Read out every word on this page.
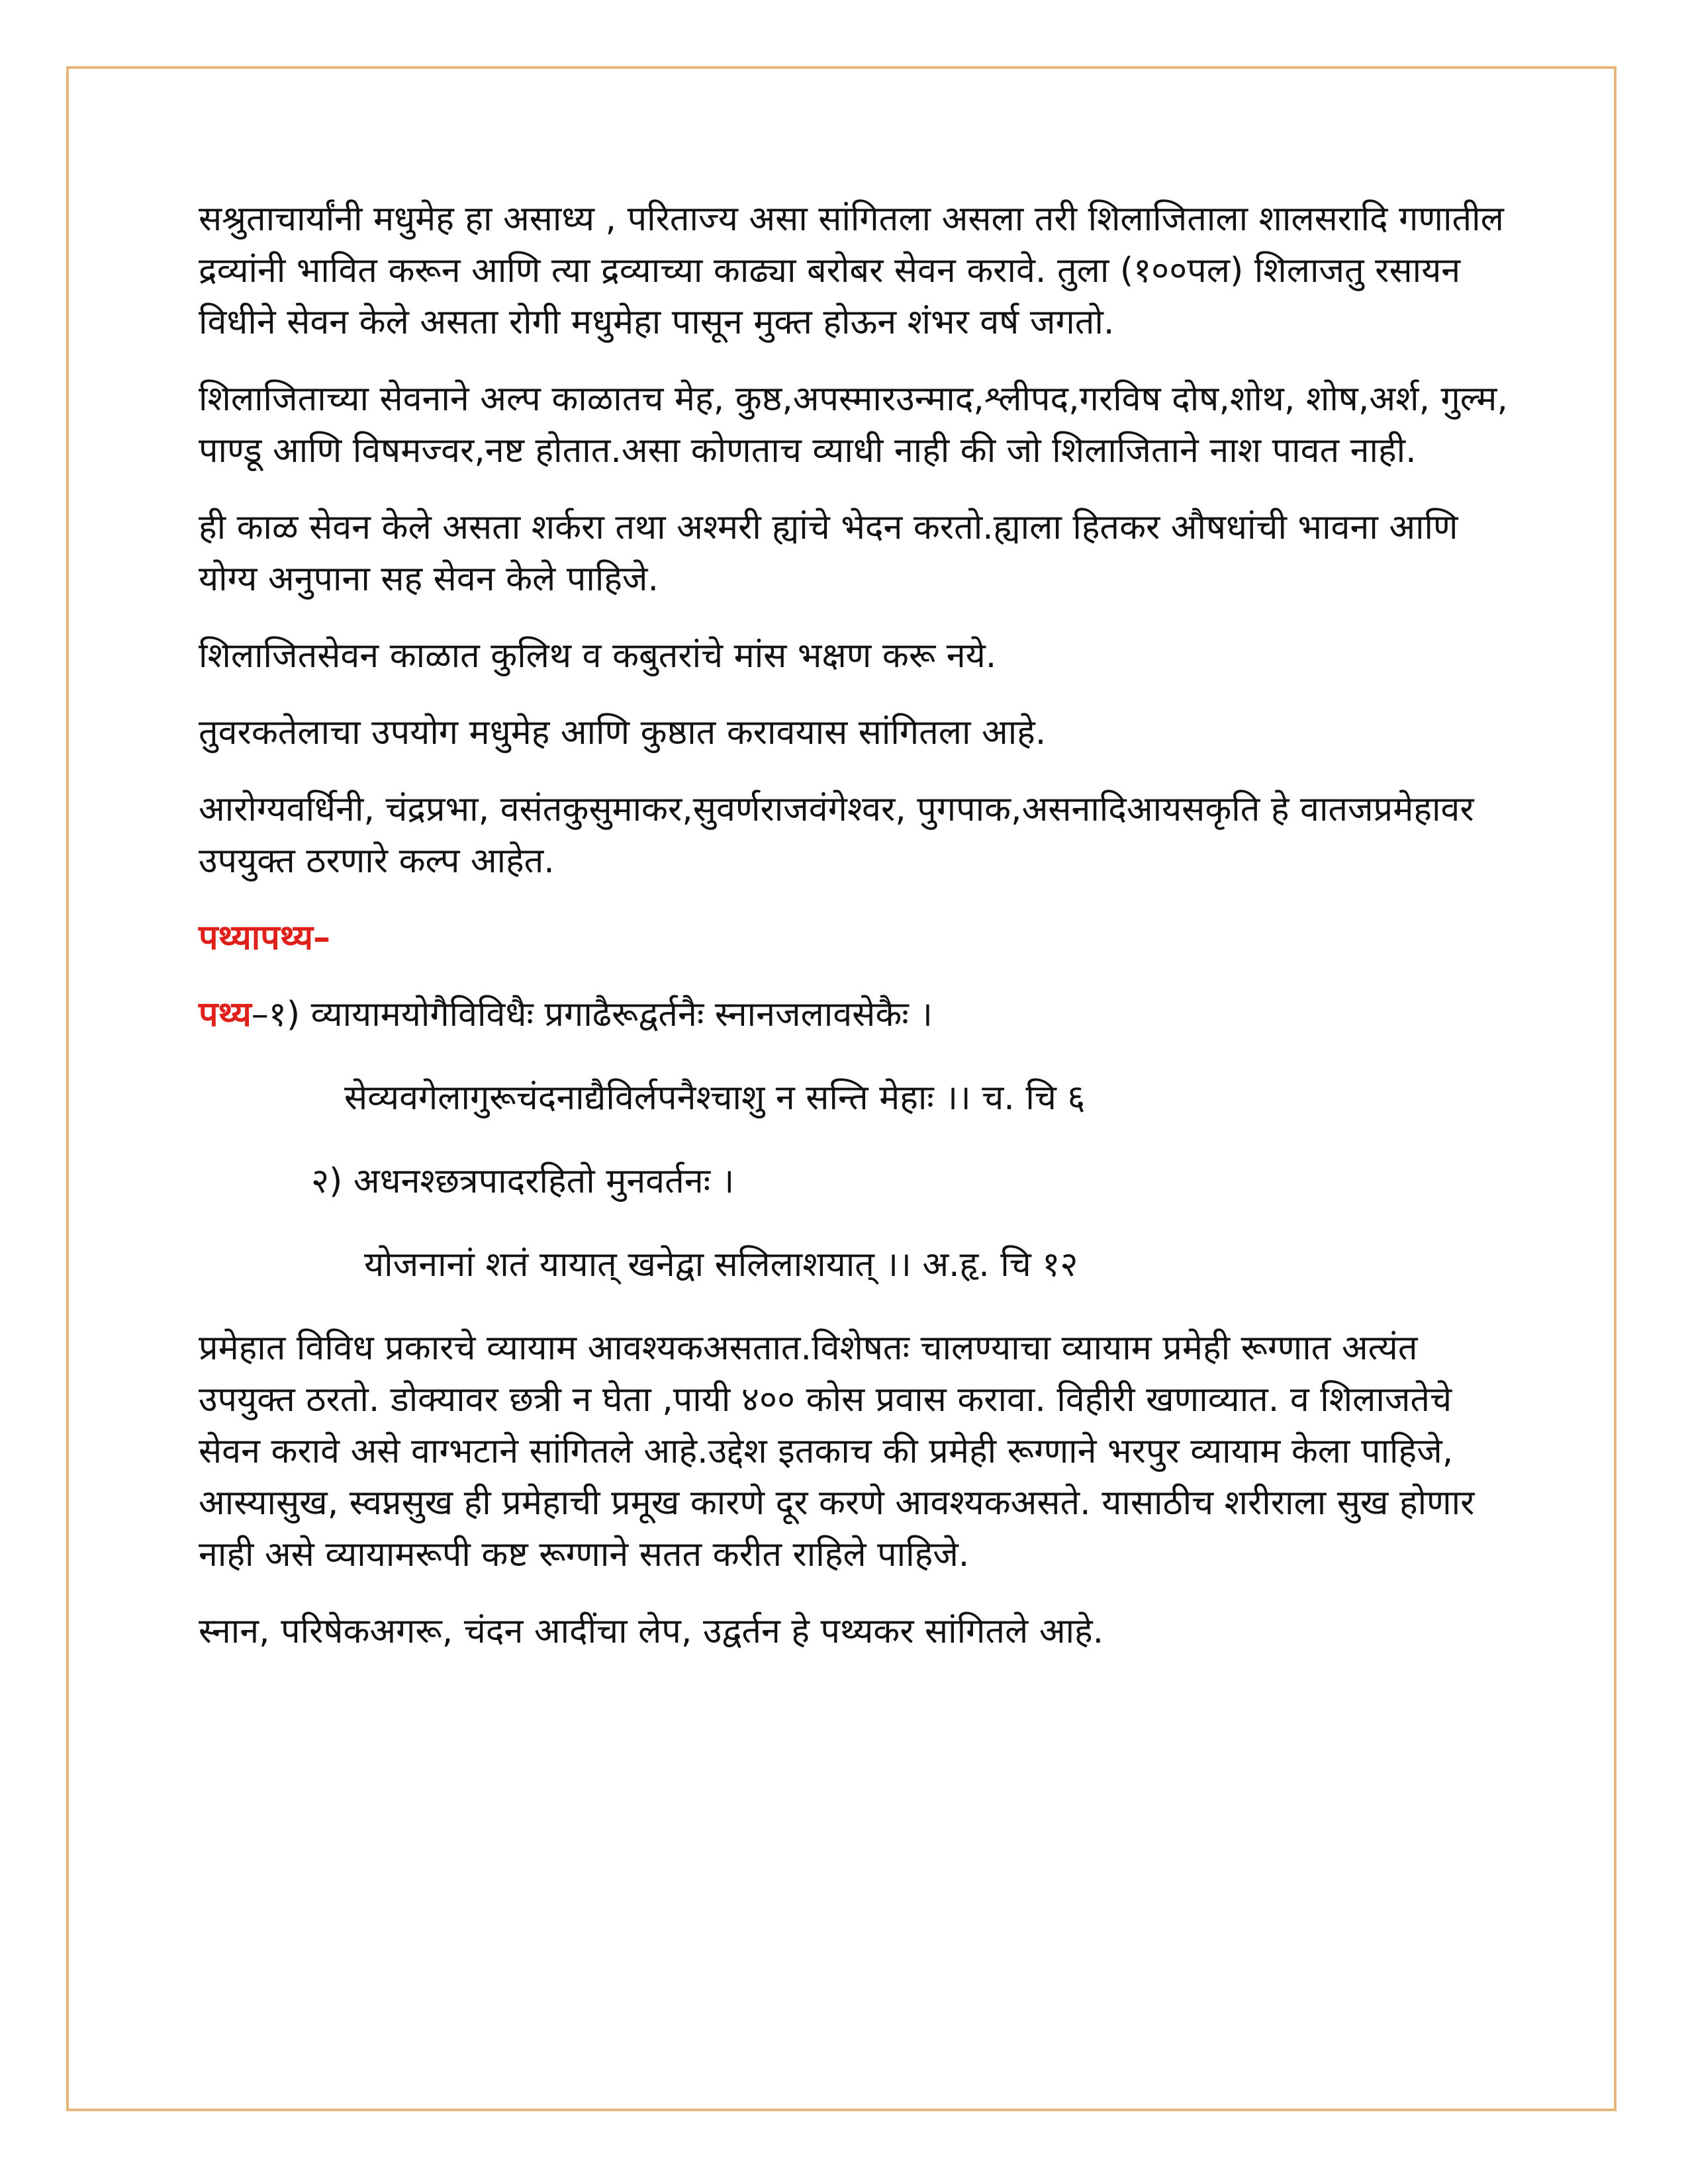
सश्रुताचार्यांनी मधुमेह हा असाध्य , परिताज्य असा सांगितला असला तरी शिलाजिताला शालसरादि गणातील द्रव्यांनी भावित करून आणि त्या द्रव्याच्या काढ्या बरोबर सेवन करावे. तुला (१००पल) शिलाजतु रसायन विधीने सेवन केले असता रोगी मधुमेहा पासून मुक्त होऊन शंभर वर्ष जगतो.

शिलाजिताच्या सेवनाने अल्प काळातच मेह, कुष्ठ,अपस्मारउन्माद,श्लीपद,गरविष दोष,शोथ, शोष,अर्श, गुल्म, पाण्डू आणि विषमज्वर,नष्ट होतात.असा कोणताच व्याधी नाही की जो शिलाजिताने नाश पावत नाही.

ही काळ सेवन केले असता शर्करा तथा अश्मरी ह्यांचे भेदन करतो.ह्याला हितकर औषधांची भावना आणि योग्य अनुपाना सह सेवन केले पाहिजे.

शिलाजितसेवन काळात कुलिथ व कबुतरांचे मांस भक्षण करू नये.

तुवरकतेलाचा उपयोग मधुमेह आणि कुष्ठात करावयास सांगितला आहे.

आरोग्यवर्धिनी, चंद्रप्रभा, वसंतकुसुमाकर,सुवर्णराजवंगेश्वर, पुगपाक,असनादिआयसकृति हे वातजप्रमेहावर उपयुक्त ठरणारे कल्प आहेत.

पथ्यापथ्य–

पथ्य–१) व्यायामयोगैविविधैः प्रगाढैरूद्वर्तनैः स्नानजलावसेकैः ।
सेव्यवगेलागुरूचंदनाद्यैविर्लपनैश्चाशु न सन्ति मेहाः ।। च. चि ६
२) अधनश्छत्रपादरहितो मुनवर्तनः ।
योजनानां शतं यायात् खनेद्वा सलिलाशयात् ।। अ.हृ. चि १२

प्रमेहात विविध प्रकारचे व्यायाम आवश्यकअसतात.विशेषतः चालण्याचा व्यायाम प्रमेही रूग्णात अत्यंत उपयुक्त ठरतो. डोक्यावर छत्री न घेता ,पायी ४०० कोस प्रवास करावा. विहीरी खणाव्यात. व शिलाजतेचे सेवन करावे असे वाग्भटाने सांगितले आहे.उद्देश इतकाच की प्रमेही रूग्णाने भरपुर व्यायाम केला पाहिजे, आस्यासुख, स्वप्नसुख ही प्रमेहाची प्रमूख कारणे दूर करणे आवश्यकअसते. यासाठीच शरीराला सुख होणार नाही असे व्यायामरूपी कष्ट रूग्णाने सतत करीत राहिले पाहिजे.

स्नान, परिषेकअगरू, चंदन आदींचा लेप, उद्वर्तन हे पथ्यकर सांगितले आहे.
